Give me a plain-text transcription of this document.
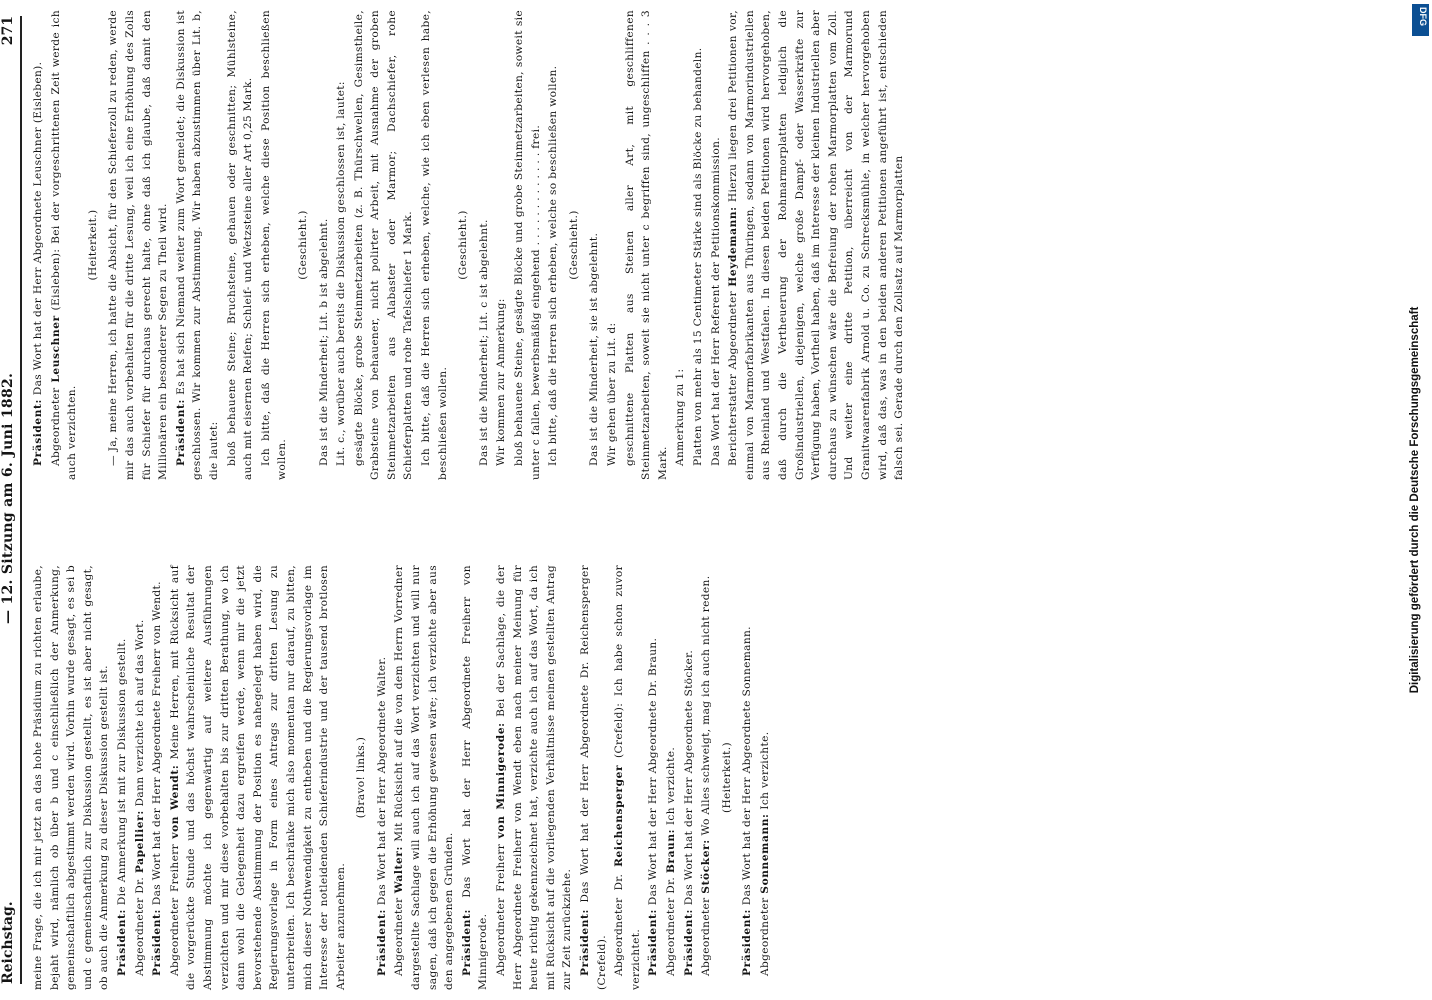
Reichstag.
— 12. Sitzung am 6. Juni 1882.
271

meine Frage, die ich mir jetzt an das hohe Präsidium zu richten erlaube, bejaht wird, nämlich ob über b und c einschließlich der Anmerkung, gemeinschaftlich abgestimmt werden wird. Vorhin wurde gesagt, es sei b und c gemeinschaftlich zur Diskussion gestellt, es ist aber nicht gesagt, ob auch die Anmerkung zu dieser Diskussion gestellt ist. Präsident: Die Anmerkung ist mit zur Diskussion gestellt.

Abgeordneter Dr. Papellier: Dann verzichte ich auf das Wort.

Präsident: Das Wort hat der Herr Abgeordnete Freiherr von Wendt. Abgeordneter Freiherr von Wendt: Meine Herren, mit Rücksicht auf die vorgerückte Stunde und das höchst wahrscheinliche Resultat der Abstimmung möchte ich gegenwärtig auf weitere Ausführungen verzichten und mir diese vorbehalten bis zur dritten Berathung, wo ich dann wohl die Gelegenheit dazu ergreifen werde, wenn mir die jetzt bevorstehende Abstimmung der Position es nahegelegt haben wird, die Regierungsvorlage in Form eines Antrags zur dritten Lesung zu unterbreiten. Ich beschränke mich also momentan nur darauf, zu bitten, mich dieser Nothwendigkeit zu entheben und die Regierungsvorlage im Interesse der notleidenden Schieferindustrie und der tausend brotlosen Arbeiter anzunehmen.

(Bravo! links.)

Präsident: Das Wort hat der Herr Abgeordnete Walter.

Abgeordneter Walter: Mit Rücksicht auf die von dem Herrn Vorredner dargestellte Sachlage will auch ich auf das Wort verzichten und will nur sagen, daß ich gegen die Erhöhung gewesen wäre; ich verzichte aber aus den angegebenen Gründen. Präsident: Das Wort hat der Herr Abgeordnete Freiherr von Minnigerode. Abgeordneter Freiherr von Minnigerode: Bei der Sachlage, die der Herr Abgeordnete Freiherr von Wendt eben nach meiner Meinung für heute richtig gekennzeichnet hat, verzichte auch ich auf das Wort, da ich mit Rücksicht auf die vorliegenden Verhältnisse meinen gestellten Antrag zur Zeit zurückziehe. Präsident: Das Wort hat der Herr Abgeordnete Dr. Reichensperger (Crefeld). Abgeordneter Dr. Reichensperger (Crefeld): Ich habe schon zuvor verzichtet. Präsident: Das Wort hat der Herr Abgeordnete Dr. Braun.

Abgeordneter Dr. Braun: Ich verzichte.

Präsident: Das Wort hat der Herr Abgeordnete Stöcker.

Abgeordneter Stöcker: Wo Alles schweigt, mag ich auch nicht reden. (Heiterkeit.)

Präsident: Das Wort hat der Herr Abgeordnete Sonnemann.

Abgeordneter Sonnemann: Ich verzichte.

Präsident: Das Wort hat der Herr Abgeordnete Leuschner (Eisleben).

Abgeordneter Leuschner (Eisleben): Bei der vorgeschrittenen Zeit werde ich auch verzichten.

(Heiterkeit.) — Ja, meine Herren, ich hatte die Absicht, für den Schieferzoll zu reden, werde mir das auch vorbehalten für die dritte Lesung, weil ich eine Erhöhung des Zolls für Schiefer für durchaus gerecht halte, ohne daß ich glaube, daß damit den Millionären ein besonderer Segen zu Theil wird. Präsident: Es hat sich Niemand weiter zum Wort gemeldet; die Diskussion ist geschlossen. Wir kommen zur Abstimmung. Wir haben abzustimmen über Lit. b, die lautet: bloß behauene Steine; Bruchsteine, gehauen oder geschnitten; Mühlsteine, auch mit eisernen Reifen; Schleif- und Wetzsteine aller Art 0,25 Mark. Ich bitte, daß die Herren sich erheben, welche diese Position beschließen wollen.

(Geschieht.) Das ist die Minderheit; Lit. b ist abgelehnt. Lit. c., worüber auch bereits die Diskussion geschlossen ist, lautet: gesägte Blöcke, grobe Steinmetzarbeiten (z. B. Thürschwellen, Gesimstheile, Grabsteine von behauener, nicht polirter Arbeit, mit Ausnahme der groben Steinmetzarbeiten aus Alabaster oder Marmor; Dachschiefer, rohe Schieferplatten und rohe Tafelschiefer 1 Mark. Ich bitte, daß die Herren sich erheben, welche, wie ich eben verlesen habe, beschließen wollen.

(Geschieht.) Das ist die Minderheit; Lit. c ist abgelehnt. Wir kommen zur Anmerkung: bloß behauene Steine, gesägte Blöcke und grobe Steinmetzarbeiten, soweit sie unter c fallen, bewerbsmäßig eingehend . . . . . . . . . . . . . frei. Ich bitte, daß die Herren sich erheben, welche so beschließen wollen. (Geschieht.) Das ist die Minderheit, sie ist abgelehnt. Wir gehen über zu Lit. d: geschnittene Platten aus Steinen aller Art, mit geschliffenen Steinmetzarbeiten, soweit sie nicht unter c begriffen sind, ungeschliffen . . . 3 Mark. Anmerkung zu 1: Platten von mehr als 15 Centimeter Stärke sind als Blöcke zu behandeln. Das Wort hat der Herr Referent der Petitionskommission. Berichterstatter Abgeordneter Heydemann: Hierzu liegen drei Petitionen vor, einmal von Marmorfabrikanten aus Thüringen, sodann von Marmorindustriellen aus Rheinland und Westfalen. In diesen beiden Petitionen wird hervorgehoben, daß durch die Vertheuerung der Rohmarmorplatten lediglich die Großindustriellen, diejenigen, welche große Dampf- oder Wasserkräfte zur Verfügung haben, Vortheil haben, daß im Interesse der kleinen Industriellen aber durchaus zu wünschen wäre die Befreiung der rohen Marmorplatten vom Zoll. Und weiter eine dritte Petition, überreicht von der Marmorund Granitwaarenfabrik Arnold u. Co. zu Schrecksmühle, in welcher hervorgehoben wird, daß das, was in den beiden anderen Petitionen angeführt ist, entschieden falsch sei. Gerade durch den Zollsatz auf Marmorplatten	Digitalisierung gefördert durch die Deutsche Forschungsgemeinschaft
DFG
